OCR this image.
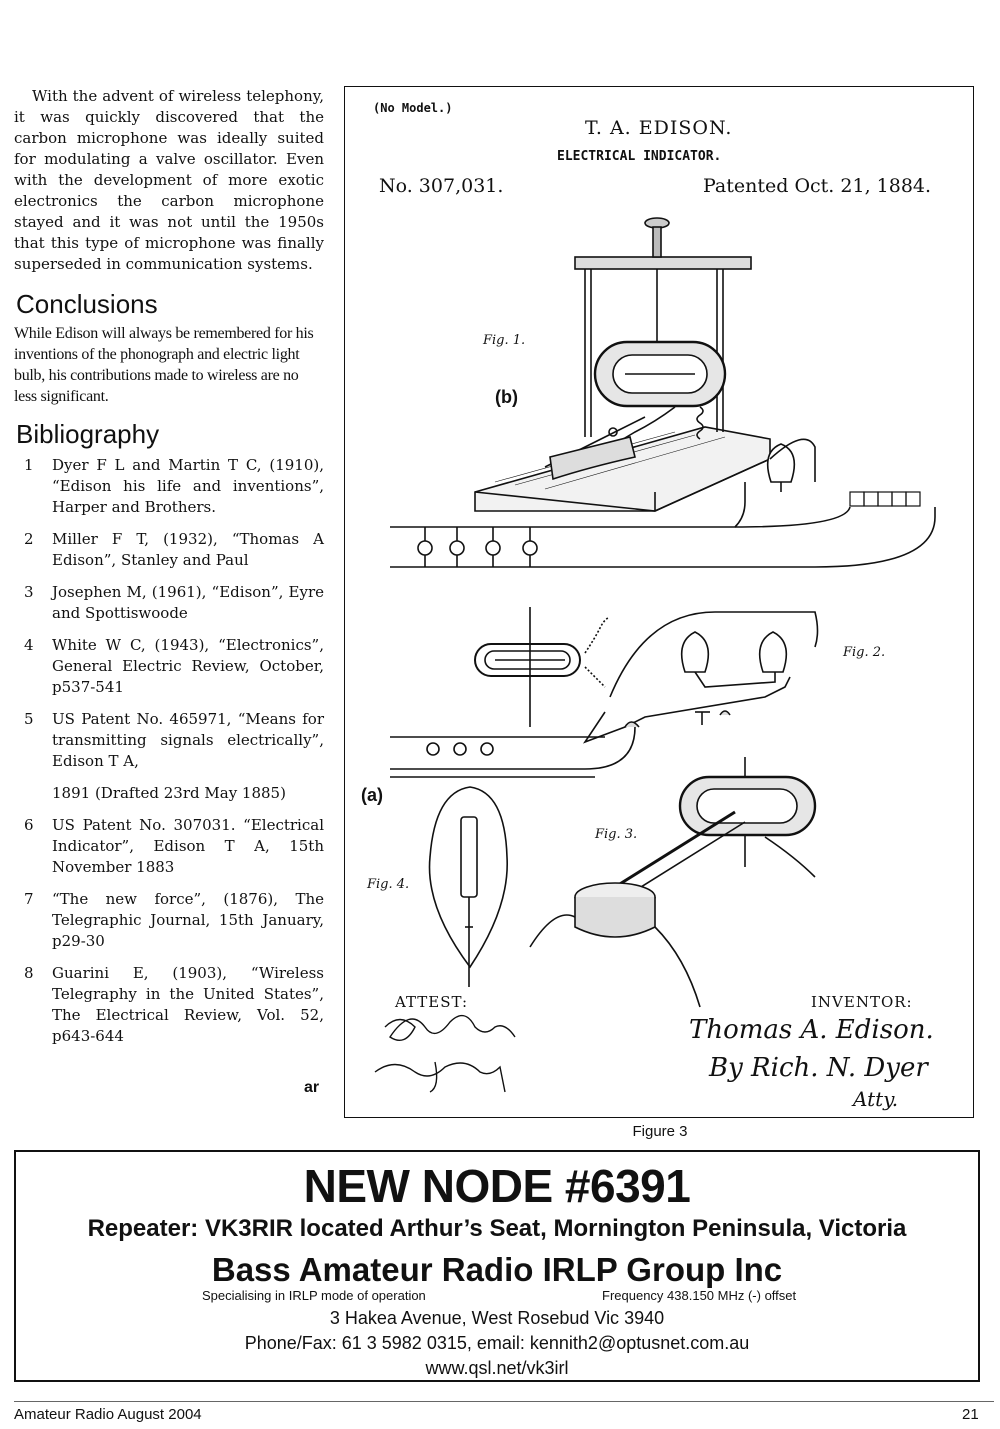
With the advent of wireless telephony, it was quickly discovered that the carbon microphone was ideally suited for modulating a valve oscillator. Even with the development of more exotic electronics the carbon microphone stayed and it was not until the 1950s that this type of microphone was finally superseded in communication systems.

Conclusions

While Edison will always be remembered for his inventions of the phonograph and electric light bulb, his contributions made to wireless are no less significant.

Bibliography
1 Dyer F L and Martin T C, (1910), “Edison his life and inventions”, Harper and Brothers.
2 Miller F T, (1932), “Thomas A Edison”, Stanley and Paul
3 Josephen M, (1961), “Edison”, Eyre and Spottiswoode
4 White W C, (1943), “Electronics”, General Electric Review, October, p537-541
5 US Patent No. 465971, “Means for transmitting signals electrically”, Edison T A,
1891 (Drafted 23rd May 1885)
6 US Patent No. 307031. “Electrical Indicator”, Edison T A, 15th November 1883
7 “The new force”, (1876), The Telegraphic Journal, 15th January, p29-30
8 Guarini E, (1903), “Wireless Telegraphy in the United States”, The Electrical Review, Vol. 52, p643-644
ar
(No Model.)
T. A. EDISON.
ELECTRICAL INDICATOR.
No. 307,031.	Patented Oct. 21, 1884.
(b)
(a)
Fig. 1.
Fig. 2.
Fig. 3.
Fig. 4.
ATTEST:	INVENTOR:
Thomas A. Edison.
By Rich. N. Dyer
Atty.
Figure 3
NEW NODE #6391
Repeater: VK3RIR located Arthur’s Seat, Mornington Peninsula, Victoria
Bass Amateur Radio IRLP Group Inc
Specialising in IRLP mode of operation	Frequency 438.150 MHz (-) offset
3 Hakea Avenue, West Rosebud Vic 3940
Phone/Fax: 61 3 5982 0315, email: kennith2@optusnet.com.au
www.qsl.net/vk3irl
Amateur Radio August 2004	21
